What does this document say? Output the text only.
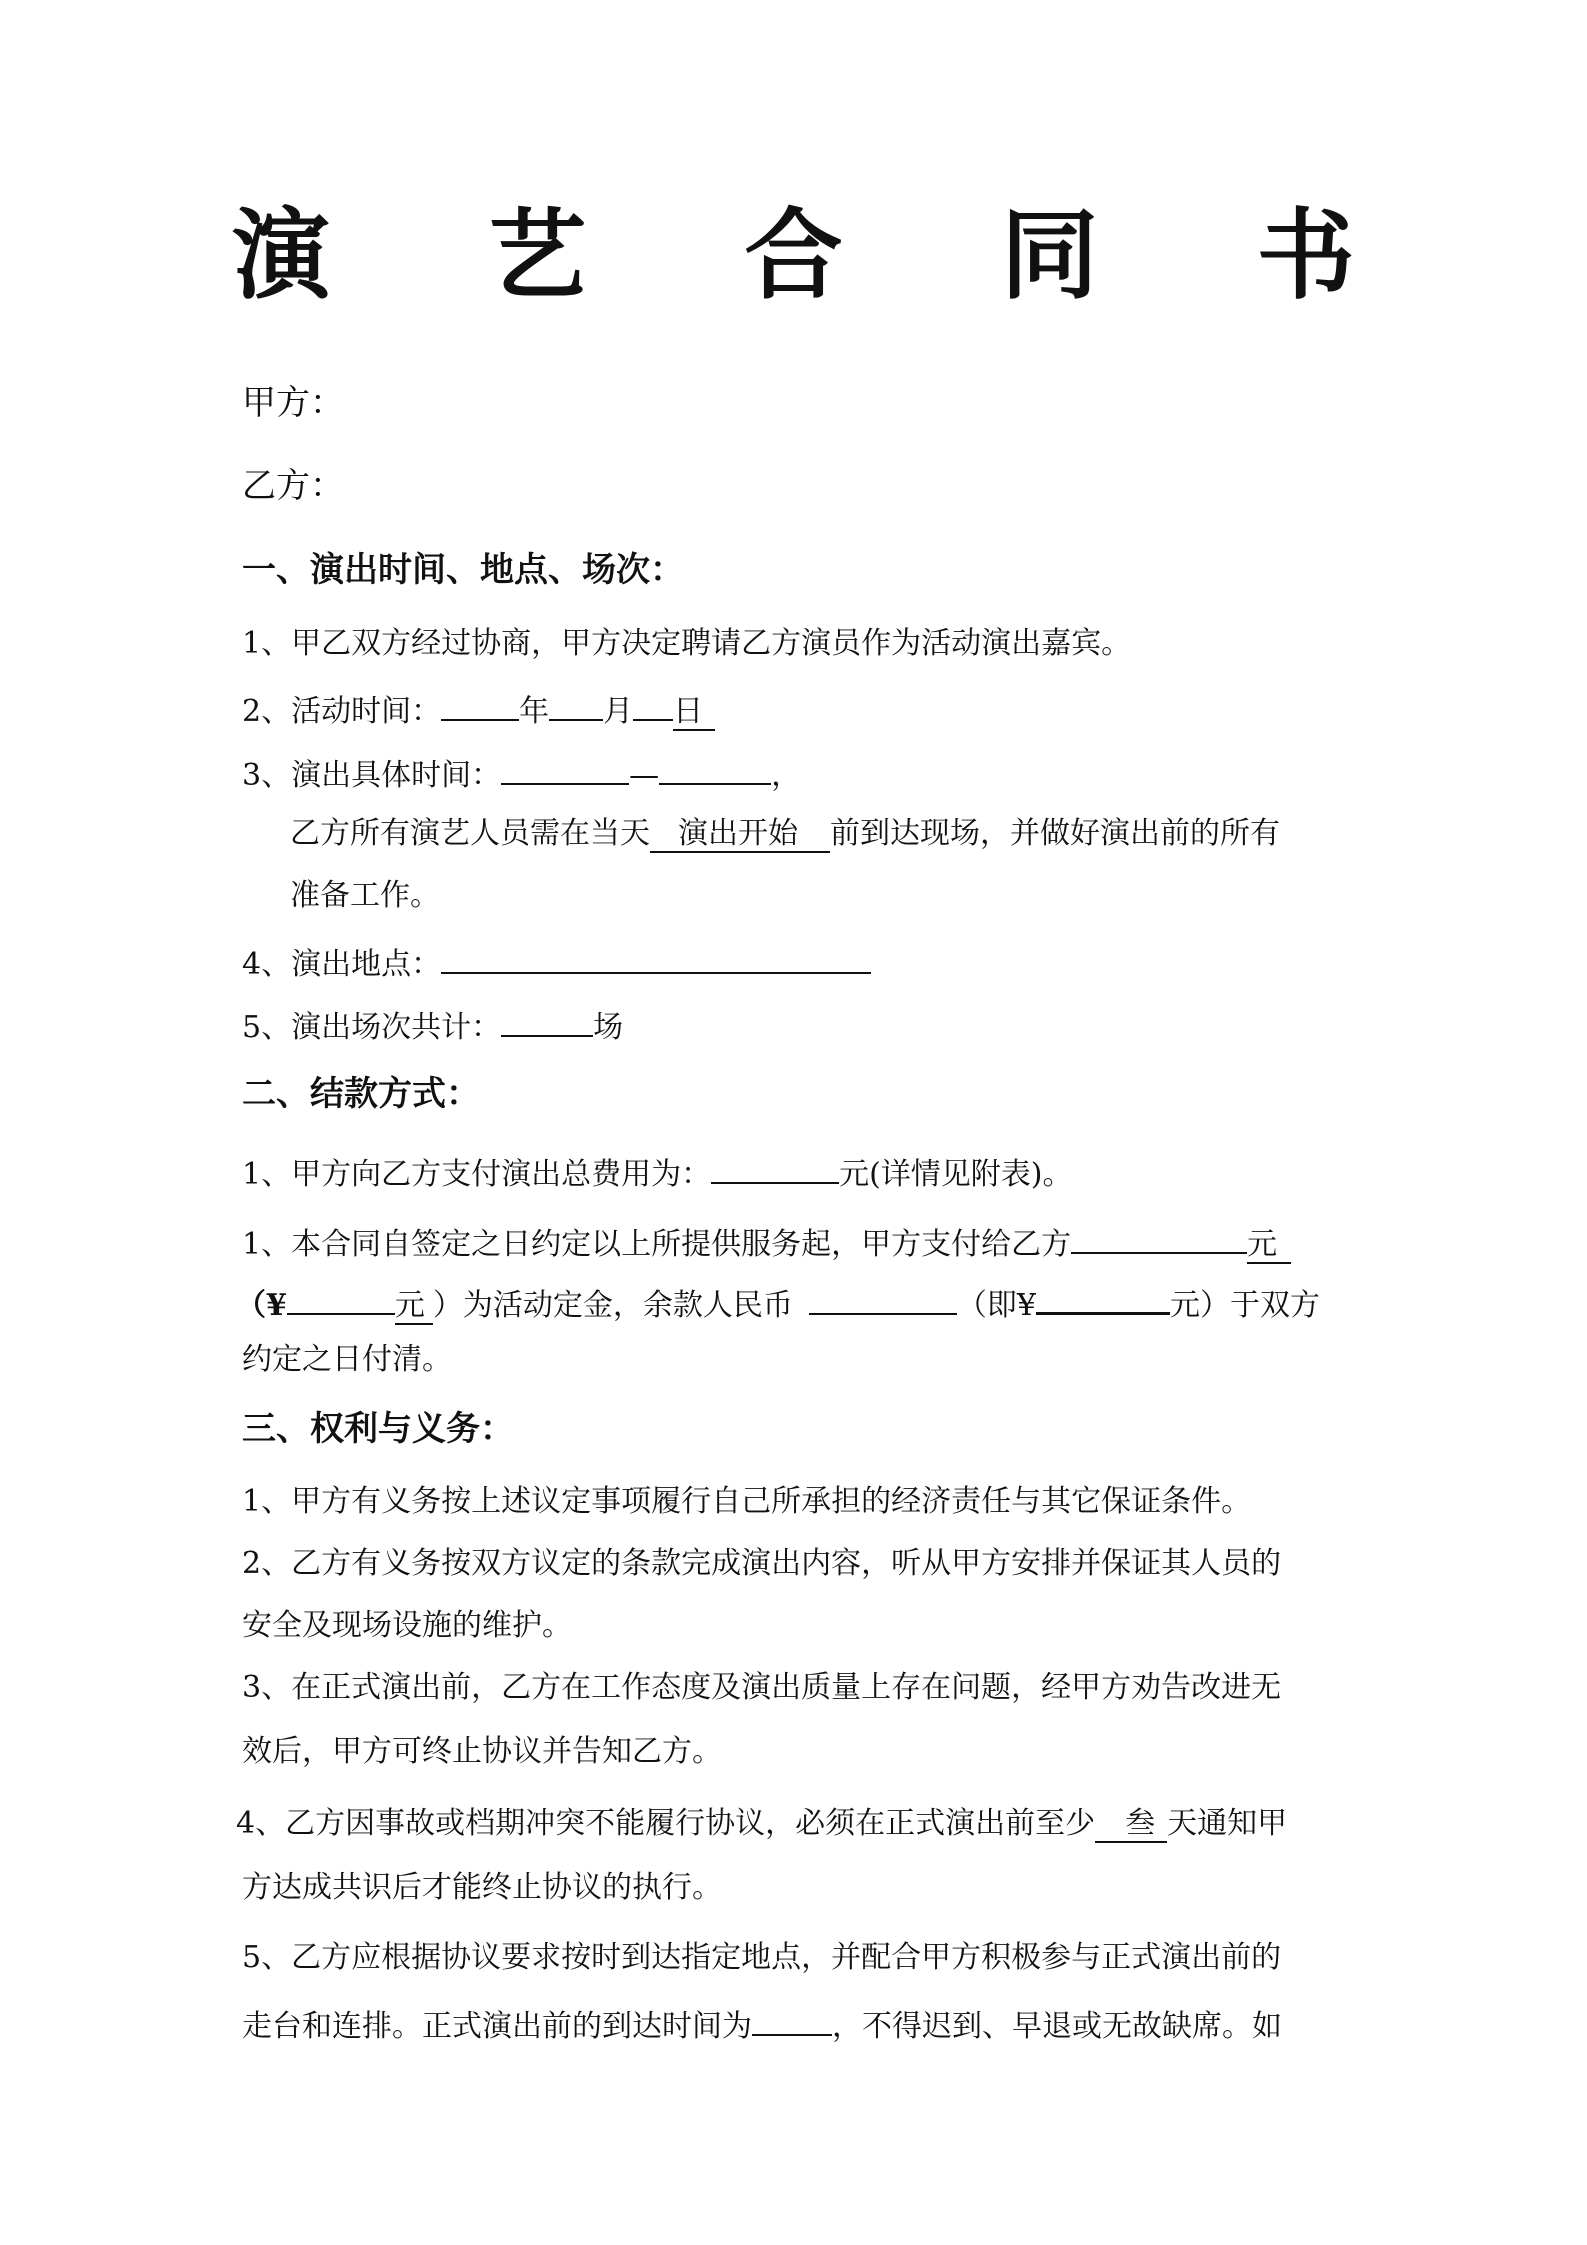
演 艺 合 同 书
甲方：
乙方：
一、演出时间、地点、场次：
1、甲乙双方经过协商，甲方决定聘请乙方演员作为活动演出嘉宾。
2、活动时间：	年 月 日
3、演出具体时间：	—	，
乙方所有演艺人员需在当天 演出开始 前到达现场，并做好演出前的所有
准备工作。
4、演出地点：
5、演出场次共计：	场
二、结款方式：
1、甲方向乙方支付演出总费用为：	元(详情见附表)。
1、本合同自签定之日约定以上所提供服务起，甲方支付给乙方	元
（¥	元 ）为活动定金，余款人民币	（即¥	元）于双方
约定之日付清。
三、权利与义务：
1、甲方有义务按上述议定事项履行自己所承担的经济责任与其它保证条件。
2、乙方有义务按双方议定的条款完成演出内容，听从甲方安排并保证其人员的
安全及现场设施的维护。
3、在正式演出前，乙方在工作态度及演出质量上存在问题，经甲方劝告改进无
效后，甲方可终止协议并告知乙方。
4、乙方因事故或档期冲突不能履行协议，必须在正式演出前至少 叁 天通知甲
方达成共识后才能终止协议的执行。
5、乙方应根据协议要求按时到达指定地点，并配合甲方积极参与正式演出前的
走台和连排。正式演出前的到达时间为	，不得迟到、早退或无故缺席。如
